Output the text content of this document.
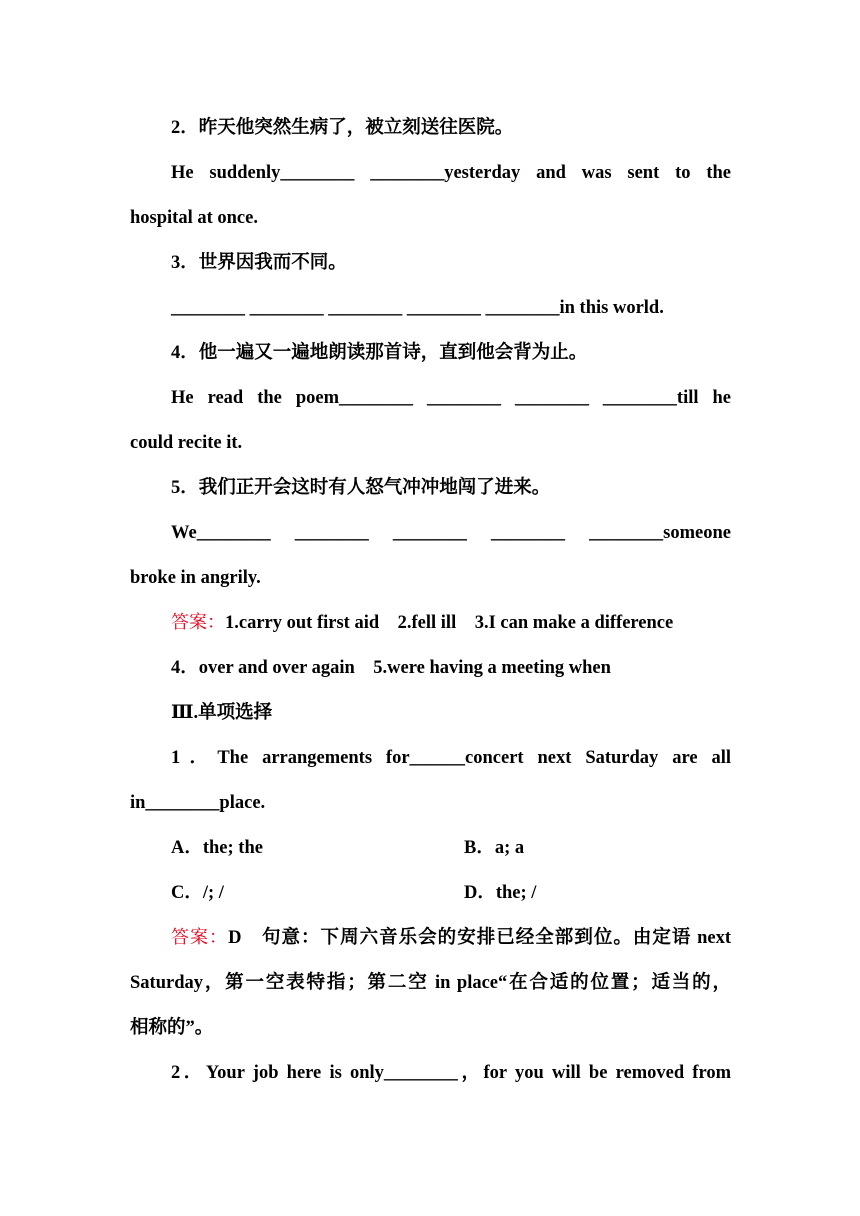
2．昨天他突然生病了，被立刻送往医院。
He suddenly________ ________yesterday and was sent to the
hospital at once.
3．世界因我而不同。
________ ________ ________ ________ ________in this world.
4．他一遍又一遍地朗读那首诗，直到他会背为止。
He read the poem________ ________ ________ ________till he
could recite it.
5．我们正开会这时有人怒气冲冲地闯了进来。
We________ ________ ________ ________ ________someone
broke in angrily.
答案：1.carry out first aid    2.fell ill    3.I can make a difference
4．over and over again    5.were having a meeting when
Ⅲ.单项选择
1．The arrangements for______concert next Saturday are all
in________place.
A．the; the	B．a; a
C．/; /	D．the; /
答案：D　句意：下周六音乐会的安排已经全部到位。由定语 next
Saturday，第一空表特指；第二空 in place“在合适的位置；适当的，
相称的”。
2．Your job here is only________，for you will be removed from
